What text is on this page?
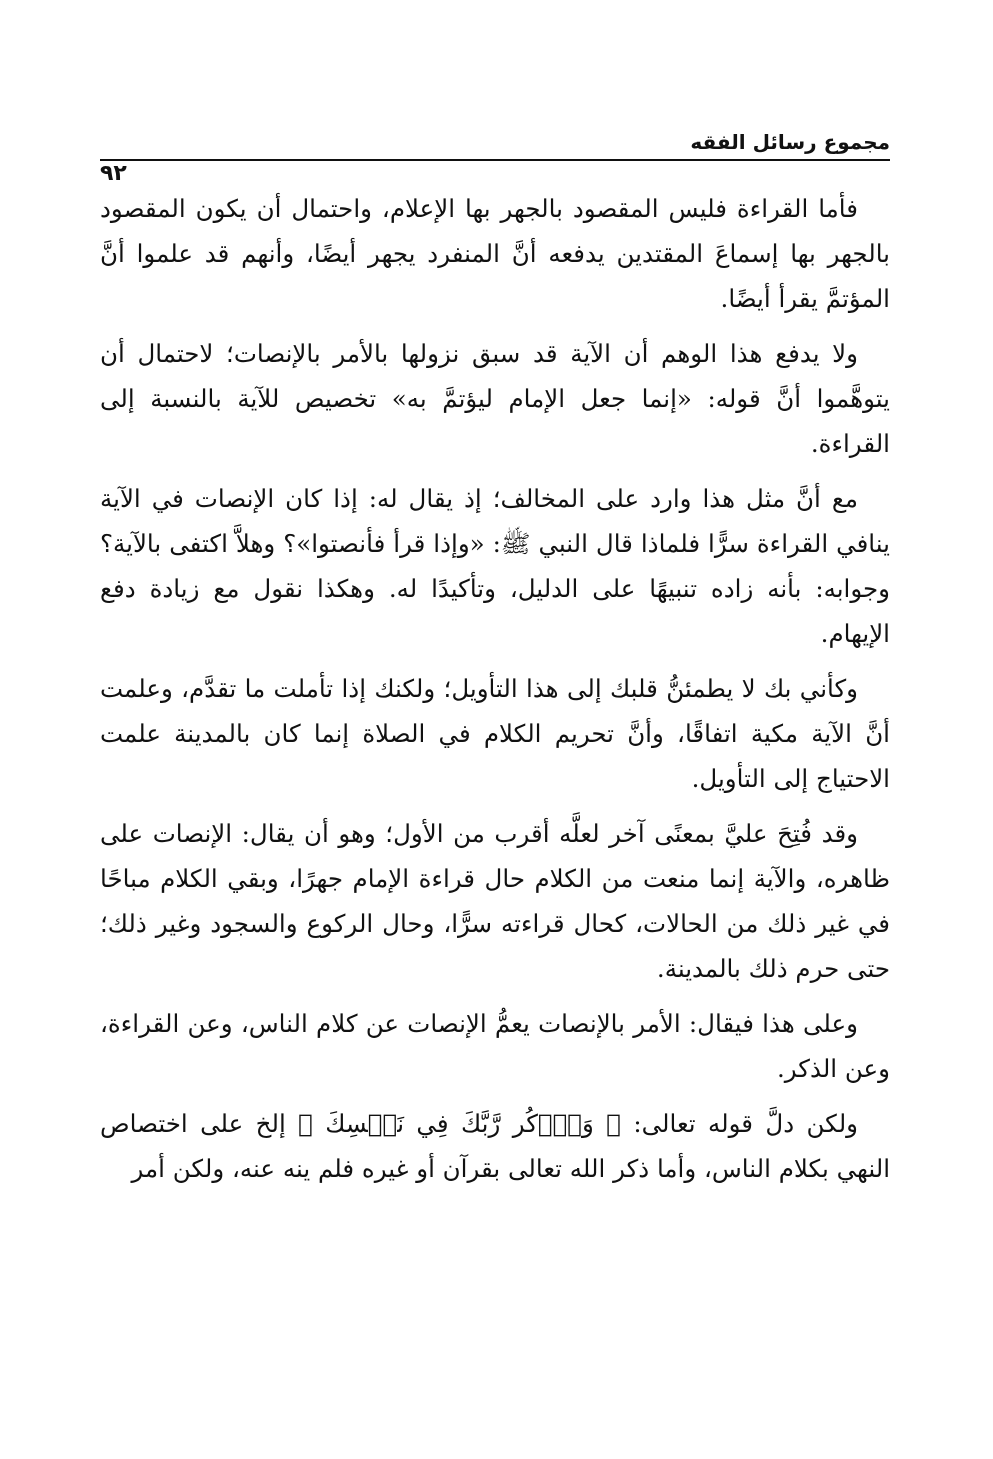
مجموع رسائل الفقه
٩٢

فأما القراءة فليس المقصود بالجهر بها الإعلام، واحتمال أن يكون المقصود بالجهر بها إسماعَ المقتدين يدفعه أنَّ المنفرد يجهر أيضًا، وأنهم قد علموا أنَّ المؤتمَّ يقرأ أيضًا.

ولا يدفع هذا الوهم أن الآية قد سبق نزولها بالأمر بالإنصات؛ لاحتمال أن يتوهَّموا أنَّ قوله: «إنما جعل الإمام ليؤتمَّ به» تخصيص للآية بالنسبة إلى القراءة.

مع أنَّ مثل هذا وارد على المخالف؛ إذ يقال له: إذا كان الإنصات في الآية ينافي القراءة سرًّا فلماذا قال النبي ﷺ: «وإذا قرأ فأنصتوا»؟ وهلاَّ اكتفى بالآية؟ وجوابه: بأنه زاده تنبيهًا على الدليل، وتأكيدًا له. وهكذا نقول مع زيادة دفع الإيهام.

وكأني بك لا يطمئنُّ قلبك إلى هذا التأويل؛ ولكنك إذا تأملت ما تقدَّم، وعلمت أنَّ الآية مكية اتفاقًا، وأنَّ تحريم الكلام في الصلاة إنما كان بالمدينة علمت الاحتياج إلى التأويل.

وقد فُتِحَ عليَّ بمعنًى آخر لعلَّه أقرب من الأول؛ وهو أن يقال: الإنصات على ظاهره، والآية إنما منعت من الكلام حال قراءة الإمام جهرًا، وبقي الكلام مباحًا في غير ذلك من الحالات، كحال قراءته سرًّا، وحال الركوع والسجود وغير ذلك؛ حتى حرم ذلك بالمدينة.

وعلى هذا فيقال: الأمر بالإنصات يعمُّ الإنصات عن كلام الناس، وعن القراءة، وعن الذكر.

ولكن دلَّ قوله تعالى: ﴿ وَٱذۡكُر رَّبَّكَ فِي نَفۡسِكَ ﴾ إلخ على اختصاص النهي بكلام الناس، وأما ذكر الله تعالى بقرآن أو غيره فلم ينه عنه، ولكن أمر
